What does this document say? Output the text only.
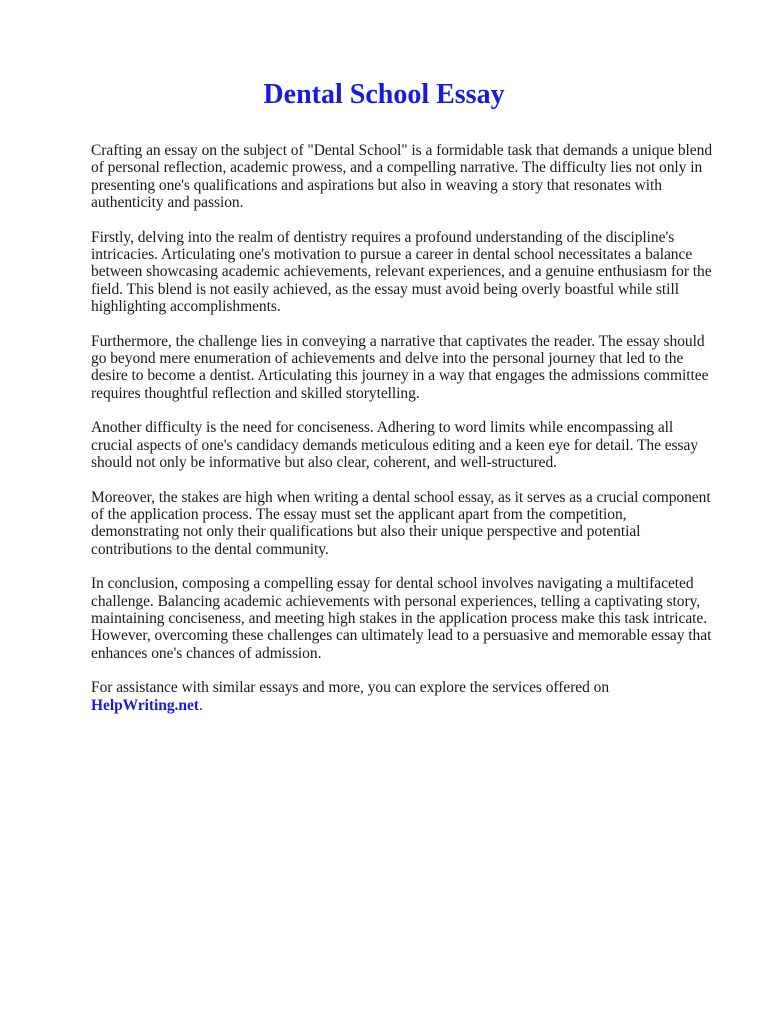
Dental School Essay

Crafting an essay on the subject of "Dental School" is a formidable task that demands a unique blend of personal reflection, academic prowess, and a compelling narrative. The difficulty lies not only in presenting one's qualifications and aspirations but also in weaving a story that resonates with authenticity and passion.

Firstly, delving into the realm of dentistry requires a profound understanding of the discipline's intricacies. Articulating one's motivation to pursue a career in dental school necessitates a balance between showcasing academic achievements, relevant experiences, and a genuine enthusiasm for the field. This blend is not easily achieved, as the essay must avoid being overly boastful while still highlighting accomplishments.

Furthermore, the challenge lies in conveying a narrative that captivates the reader. The essay should go beyond mere enumeration of achievements and delve into the personal journey that led to the desire to become a dentist. Articulating this journey in a way that engages the admissions committee requires thoughtful reflection and skilled storytelling.

Another difficulty is the need for conciseness. Adhering to word limits while encompassing all crucial aspects of one's candidacy demands meticulous editing and a keen eye for detail. The essay should not only be informative but also clear, coherent, and well-structured.

Moreover, the stakes are high when writing a dental school essay, as it serves as a crucial component of the application process. The essay must set the applicant apart from the competition, demonstrating not only their qualifications but also their unique perspective and potential contributions to the dental community.

In conclusion, composing a compelling essay for dental school involves navigating a multifaceted challenge. Balancing academic achievements with personal experiences, telling a captivating story, maintaining conciseness, and meeting high stakes in the application process make this task intricate. However, overcoming these challenges can ultimately lead to a persuasive and memorable essay that enhances one's chances of admission.

For assistance with similar essays and more, you can explore the services offered on
HelpWriting.net.
